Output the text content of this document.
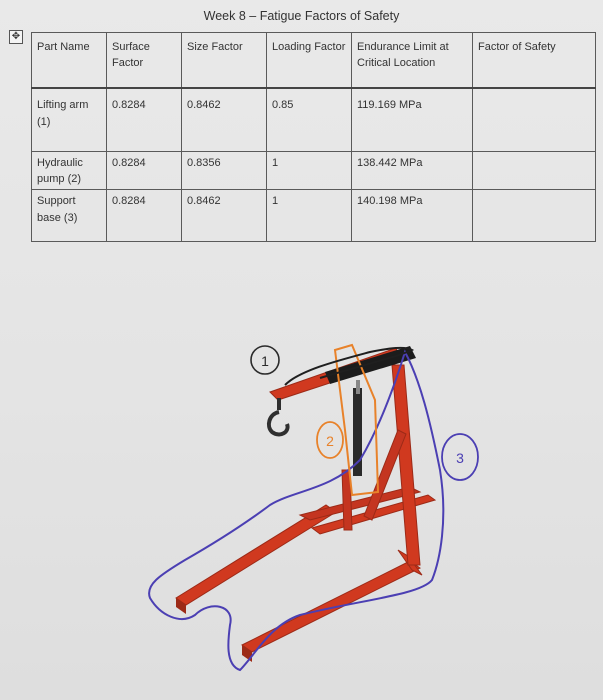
Week 8 – Fatigue Factors of Safety
✥
Part Name	Surface Factor	Size Factor	Loading Factor	Endurance Limit at Critical Location	Factor of Safety
Lifting arm (1)	0.8284	0.8462	0.85	119.169 MPa	
Hydraulic pump (2)	0.8284	0.8356	1	138.442 MPa	
Support base (3)	0.8284	0.8462	1	140.198 MPa	
1
2
3
